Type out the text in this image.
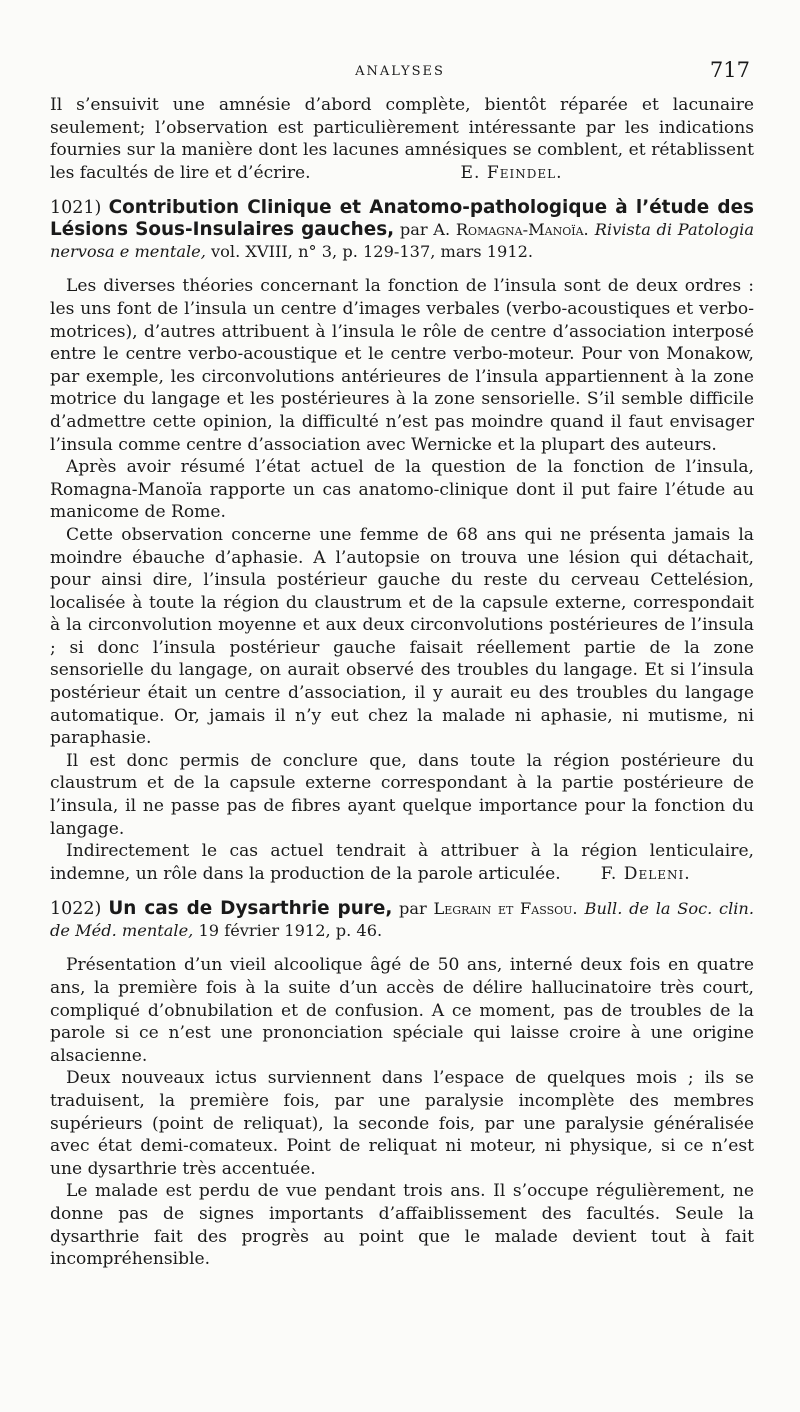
ANALYSES	717

Il s’ensuivit une amnésie d’abord complète, bientôt réparée et lacunaire seulement; l’observation est particulièrement intéressante par les indications fournies sur la manière dont les lacunes amnésiques se comblent, et rétablissent les facultés de lire et d’écrire.	E. Feindel.

1021) Contribution Clinique et Anatomo-pathologique à l’étude des Lésions Sous-Insulaires gauches, par A. Romagna-Manoïa. Rivista di Patologia nervosa e mentale, vol. XVIII, n° 3, p. 129-137, mars 1912.

Les diverses théories concernant la fonction de l’insula sont de deux ordres : les uns font de l’insula un centre d’images verbales (verbo-acoustiques et verbo-motrices), d’autres attribuent à l’insula le rôle de centre d’association interposé entre le centre verbo-acoustique et le centre verbo-moteur. Pour von Monakow, par exemple, les circonvolutions antérieures de l’insula appartiennent à la zone motrice du langage et les postérieures à la zone sensorielle. S’il semble difficile d’admettre cette opinion, la difficulté n’est pas moindre quand il faut envisager l’insula comme centre d’association avec Wernicke et la plupart des auteurs.

Après avoir résumé l’état actuel de la question de la fonction de l’insula, Romagna-Manoïa rapporte un cas anatomo-clinique dont il put faire l’étude au manicome de Rome.

Cette observation concerne une femme de 68 ans qui ne présenta jamais la moindre ébauche d’aphasie. A l’autopsie on trouva une lésion qui détachait, pour ainsi dire, l’insula postérieur gauche du reste du cerveau Cettelésion, localisée à toute la région du claustrum et de la capsule externe, correspondait à la circonvolution moyenne et aux deux circonvolutions postérieures de l’insula ; si donc l’insula postérieur gauche faisait réellement partie de la zone sensorielle du langage, on aurait observé des troubles du langage. Et si l’insula postérieur était un centre d’association, il y aurait eu des troubles du langage automatique. Or, jamais il n’y eut chez la malade ni aphasie, ni mutisme, ni paraphasie.

Il est donc permis de conclure que, dans toute la région postérieure du claustrum et de la capsule externe correspondant à la partie postérieure de l’insula, il ne passe pas de fibres ayant quelque importance pour la fonction du langage.

Indirectement le cas actuel tendrait à attribuer à la région lenticulaire, indemne, un rôle dans la production de la parole articulée. F. Deleni.

1022) Un cas de Dysarthrie pure, par Legrain et Fassou. Bull. de la Soc. clin. de Méd. mentale, 19 février 1912, p. 46.

Présentation d’un vieil alcoolique âgé de 50 ans, interné deux fois en quatre ans, la première fois à la suite d’un accès de délire hallucinatoire très court, compliqué d’obnubilation et de confusion. A ce moment, pas de troubles de la parole si ce n’est une prononciation spéciale qui laisse croire à une origine alsacienne.

Deux nouveaux ictus surviennent dans l’espace de quelques mois ; ils se traduisent, la première fois, par une paralysie incomplète des membres supérieurs (point de reliquat), la seconde fois, par une paralysie généralisée avec état demi-comateux. Point de reliquat ni moteur, ni physique, si ce n’est une dysarthrie très accentuée.

Le malade est perdu de vue pendant trois ans. Il s’occupe régulièrement, ne donne pas de signes importants d’affaiblissement des facultés. Seule la dysarthrie fait des progrès au point que le malade devient tout à fait incompréhensible.
